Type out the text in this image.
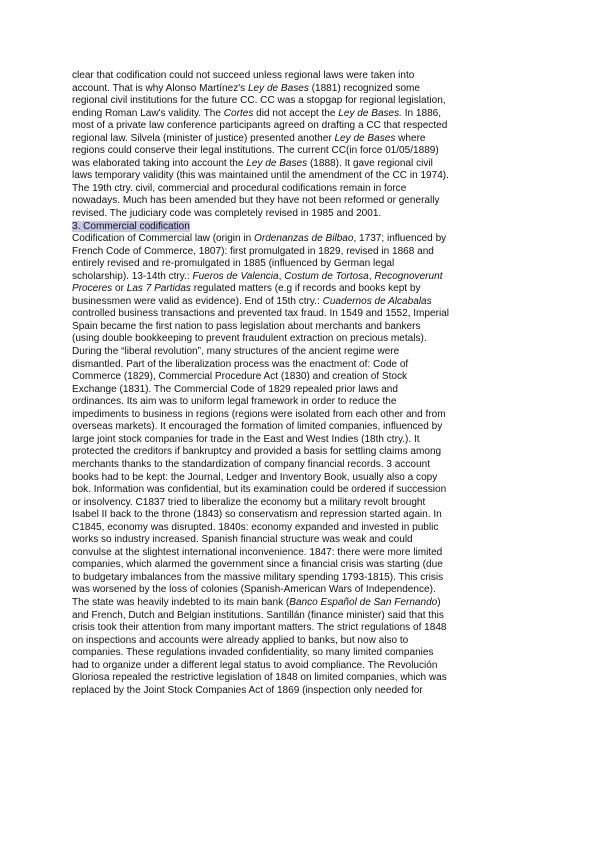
clear that codification could not succeed unless regional laws were taken into
account. That is why Alonso Martínez's Ley de Bases (1881) recognized some
regional civil institutions for the future CC. CC was a stopgap for regional legislation,
ending Roman Law's validity. The Cortes did not accept the Ley de Bases. In 1886,
most of a private law conference participants agreed on drafting a CC that respected
regional law. Silvela (minister of justice) presented another Ley de Bases where
regions could conserve their legal institutions. The current CC(in force 01/05/1889)
was elaborated taking into account the Ley de Bases (1888). It gave regional civil
laws temporary validity (this was maintained until the amendment of the CC in 1974).
The 19th ctry. civil, commercial and procedural codifications remain in force
nowadays. Much has been amended but they have not been reformed or generally
revised. The judiciary code was completely revised in 1985 and 2001.
3. Commercial codification
Codification of Commercial law (origin in Ordenanzas de Bilbao, 1737; influenced by
French Code of Commerce, 1807): first promulgated in 1829, revised in 1868 and
entirely revised and re-promulgated in 1885 (influenced by German legal
scholarship). 13-14th ctry.: Fueros de Valencia, Costum de Tortosa, Recognoverunt
Proceres or Las 7 Partidas regulated matters (e.g if records and books kept by
businessmen were valid as evidence). End of 15th ctry.: Cuadernos de Alcabalas
controlled business transactions and prevented tax fraud. In 1549 and 1552, Imperial
Spain became the first nation to pass legislation about merchants and bankers
(using double bookkeeping to prevent fraudulent extraction on precious metals).
During the “liberal revolution”, many structures of the ancient regime were
dismantled. Part of the liberalization process was the enactment of: Code of
Commerce (1829), Commercial Procedure Act (1830) and creation of Stock
Exchange (1831). The Commercial Code of 1829 repealed prior laws and
ordinances. Its aim was to uniform legal framework in order to reduce the
impediments to business in regions (regions were isolated from each other and from
overseas markets). It encouraged the formation of limited companies, influenced by
large joint stock companies for trade in the East and West Indies (18th ctry.). It
protected the creditors if bankruptcy and provided a basis for settling claims among
merchants thanks to the standardization of company financial records. 3 account
books had to be kept: the Journal, Ledger and Inventory Book, usually also a copy
bok. Information was confidential, but its examination could be ordered if succession
or insolvency. C1837 tried to liberalize the economy but a military revolt brought
Isabel II back to the throne (1843) so conservatism and repression started again. In
C1845, economy was disrupted. 1840s: economy expanded and invested in public
works so industry increased. Spanish financial structure was weak and could
convulse at the slightest international inconvenience. 1847: there were more limited
companies, which alarmed the government since a financial crisis was starting (due
to budgetary imbalances from the massive military spending 1793-1815). This crisis
was worsened by the loss of colonies (Spanish-American Wars of Independence).
The state was heavily indebted to its main bank (Banco Español de San Fernando)
and French, Dutch and Belgian institutions. Santillán (finance minister) said that this
crisis took their attention from many important matters. The strict regulations of 1848
on inspections and accounts were already applied to banks, but now also to
companies. These regulations invaded confidentiality, so many limited companies
had to organize under a different legal status to avoid compliance. The Revolución
Gloriosa repealed the restrictive legislation of 1848 on limited companies, which was
replaced by the Joint Stock Companies Act of 1869 (inspection only needed for
